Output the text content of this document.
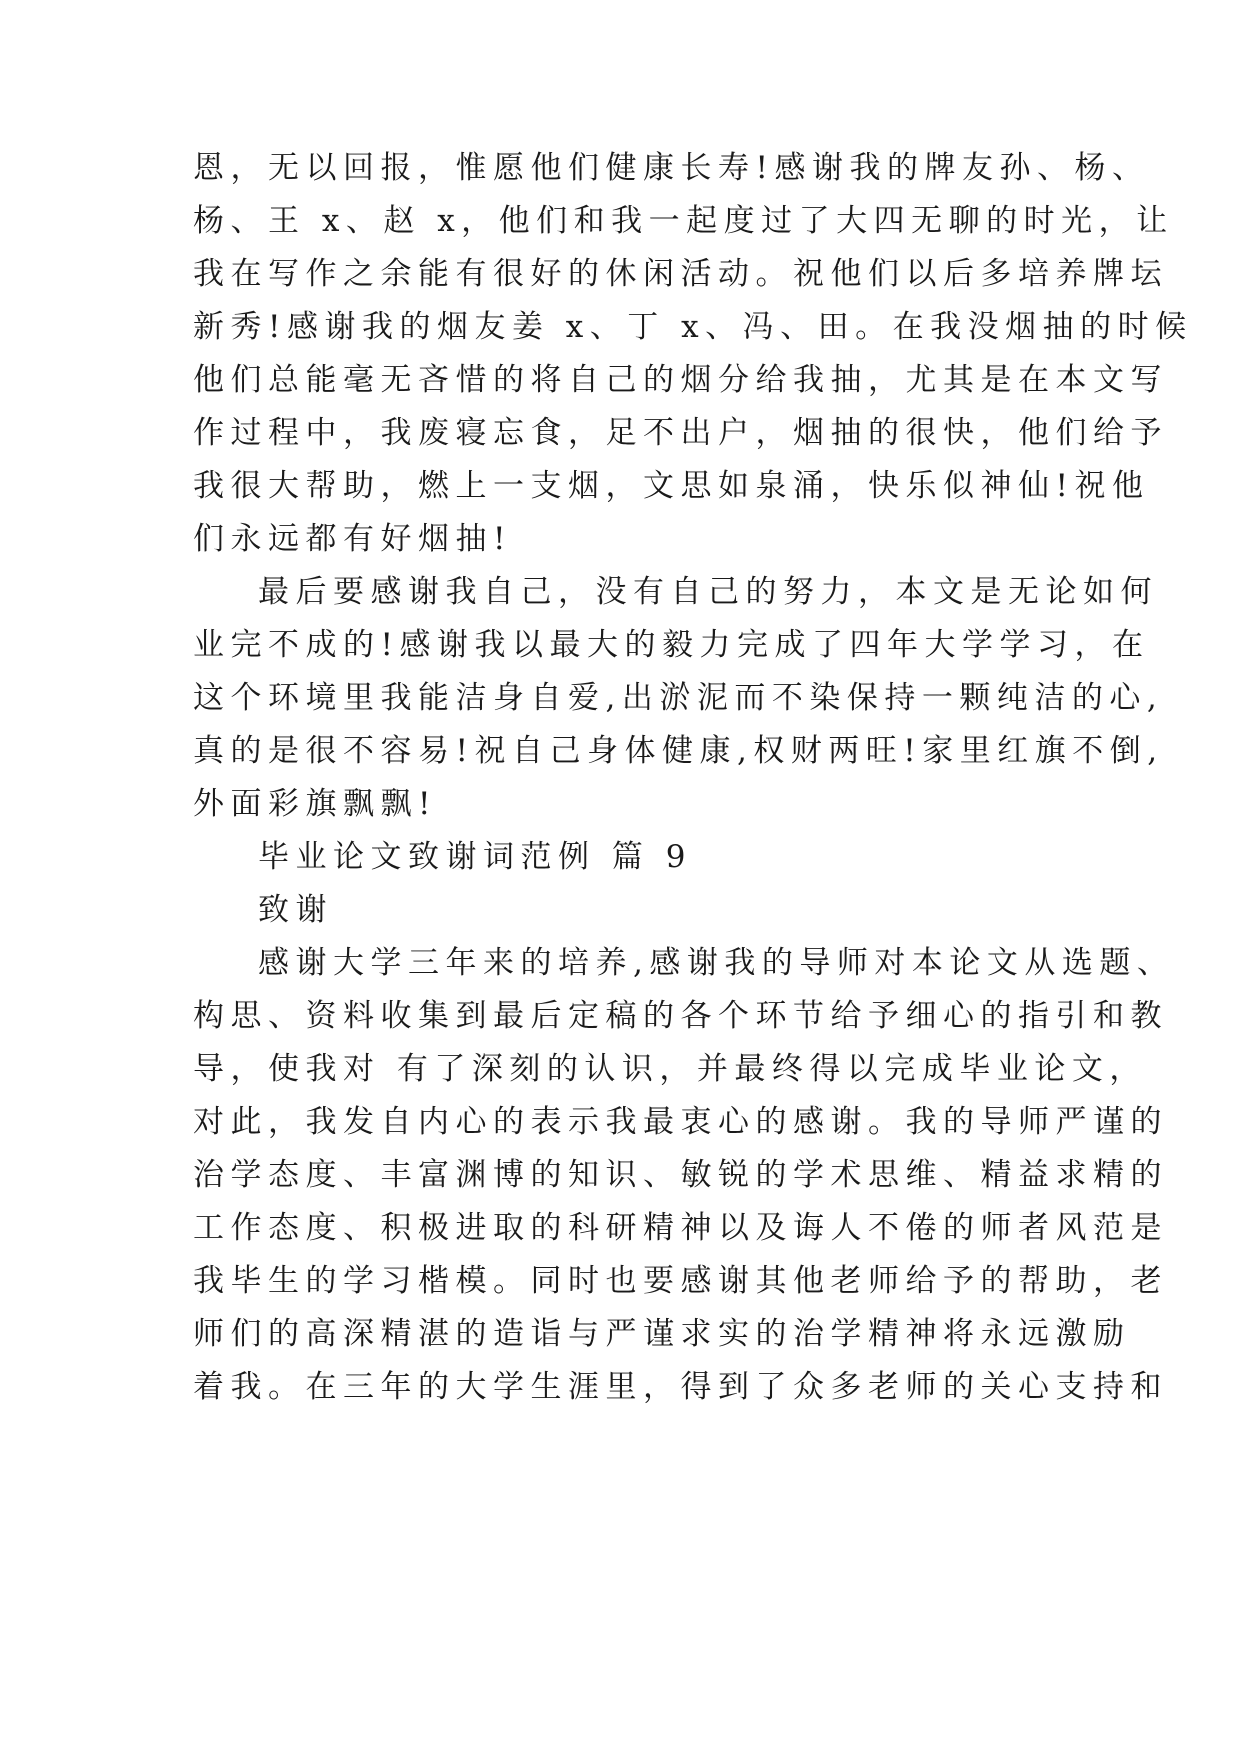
恩，无以回报，惟愿他们健康长寿!感谢我的牌友孙、杨、
杨、王 x、赵 x，他们和我一起度过了大四无聊的时光，让
我在写作之余能有很好的休闲活动。祝他们以后多培养牌坛
新秀!感谢我的烟友姜 x、丁 x、冯、田。在我没烟抽的时候
他们总能毫无吝惜的将自己的烟分给我抽，尤其是在本文写
作过程中，我废寝忘食，足不出户，烟抽的很快，他们给予
我很大帮助，燃上一支烟，文思如泉涌，快乐似神仙!祝他
们永远都有好烟抽!
最后要感谢我自己，没有自己的努力，本文是无论如何
业完不成的!感谢我以最大的毅力完成了四年大学学习，在
这个环境里我能洁身自爱,出淤泥而不染保持一颗纯洁的心,
真的是很不容易!祝自己身体健康,权财两旺!家里红旗不倒,
外面彩旗飘飘!
毕业论文致谢词范例 篇 9
致谢
感谢大学三年来的培养,感谢我的导师对本论文从选题、
构思、资料收集到最后定稿的各个环节给予细心的指引和教
导，使我对 有了深刻的认识，并最终得以完成毕业论文，
对此，我发自内心的表示我最衷心的感谢。我的导师严谨的
治学态度、丰富渊博的知识、敏锐的学术思维、精益求精的
工作态度、积极进取的科研精神以及诲人不倦的师者风范是
我毕生的学习楷模。同时也要感谢其他老师给予的帮助，老
师们的高深精湛的造诣与严谨求实的治学精神将永远激励
着我。在三年的大学生涯里，得到了众多老师的关心支持和
